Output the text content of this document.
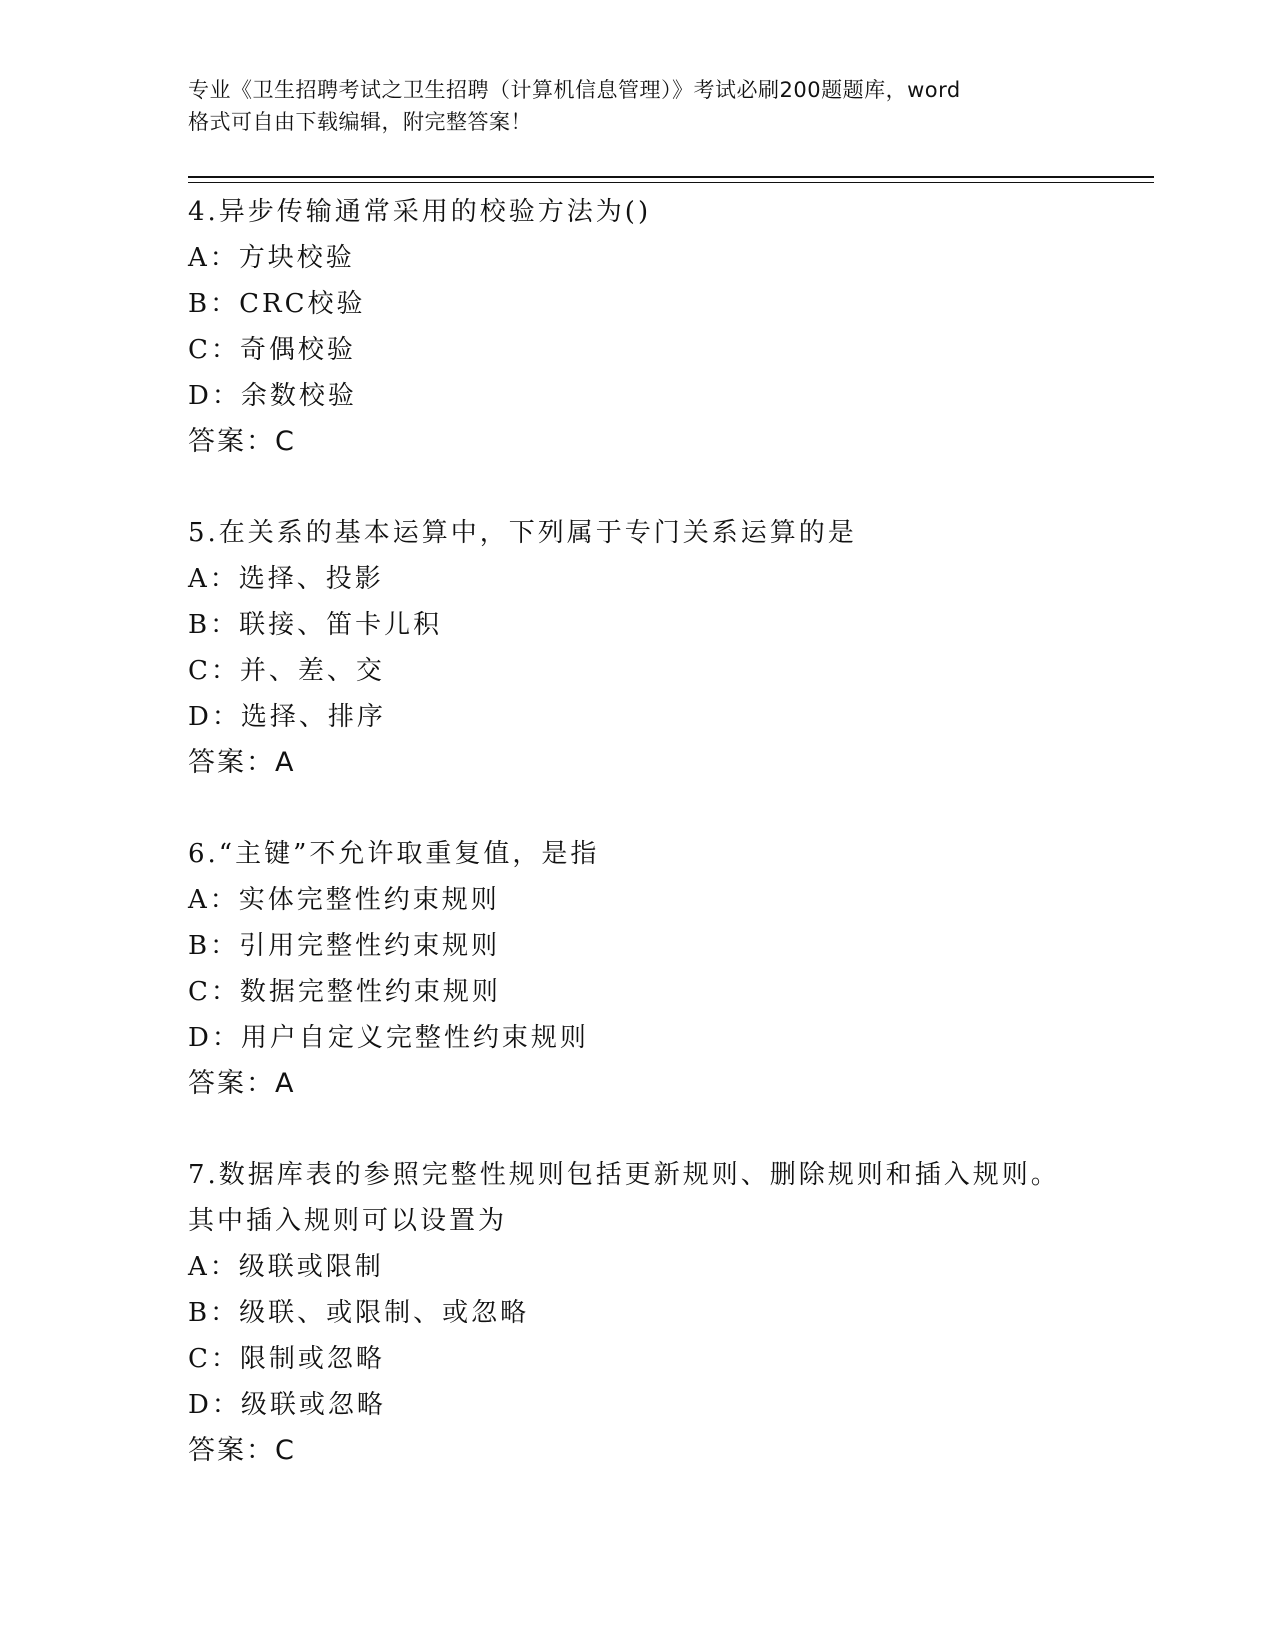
专业《卫生招聘考试之卫生招聘（计算机信息管理）》考试必刷200题题库，word
格式可自由下载编辑，附完整答案！
4.异步传输通常采用的校验方法为()
A：方块校验
B：CRC校验
C：奇偶校验
D：余数校验
答案：C
5.在关系的基本运算中，下列属于专门关系运算的是
A：选择、投影
B：联接、笛卡儿积
C：并、差、交
D：选择、排序
答案：A
6.“主键”不允许取重复值，是指
A：实体完整性约束规则
B：引用完整性约束规则
C：数据完整性约束规则
D：用户自定义完整性约束规则
答案：A
7.数据库表的参照完整性规则包括更新规则、删除规则和插入规则。
其中插入规则可以设置为
A：级联或限制
B：级联、或限制、或忽略
C：限制或忽略
D：级联或忽略
答案：C
